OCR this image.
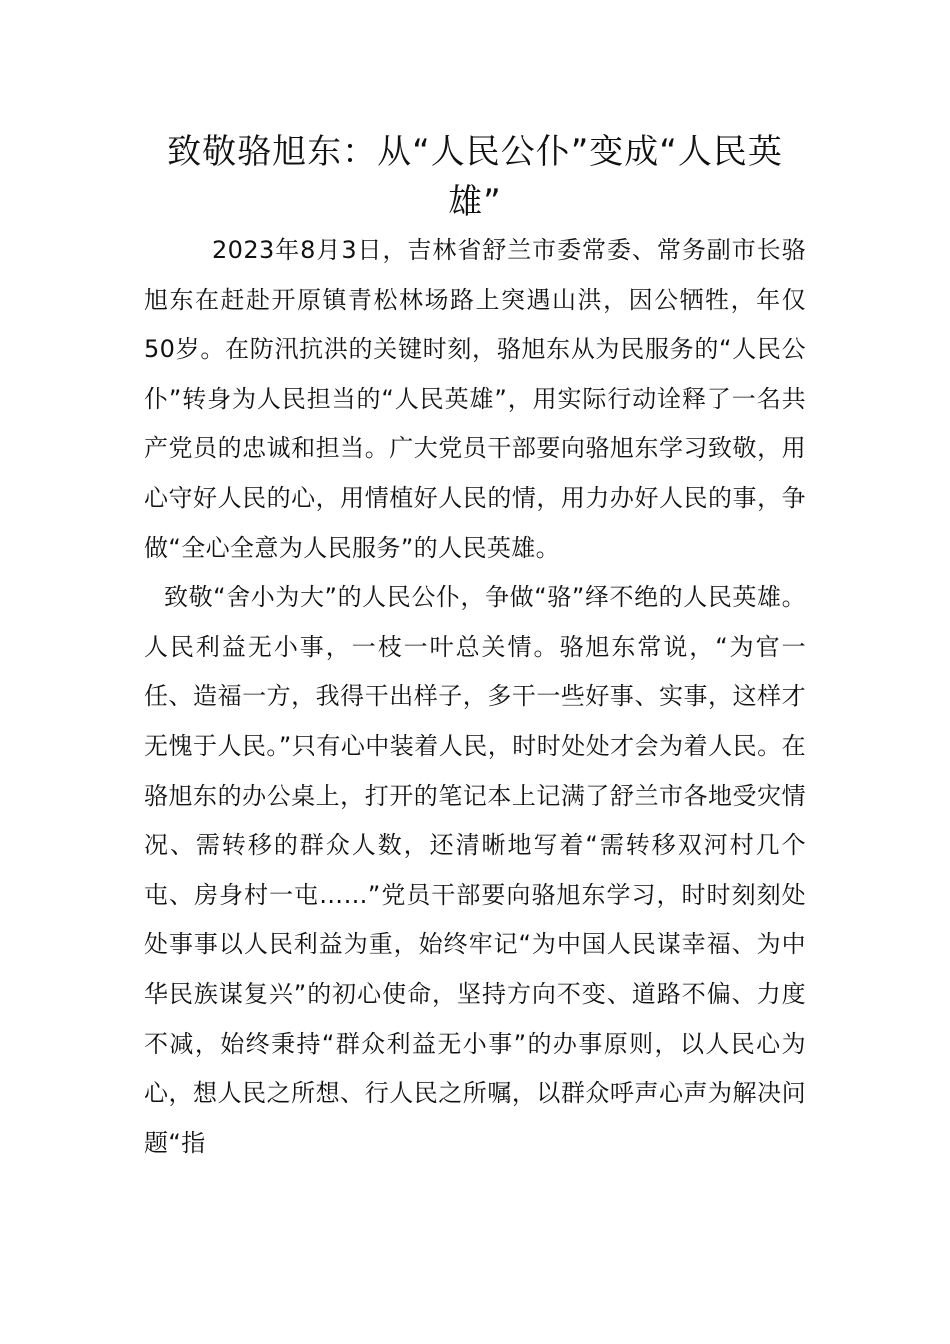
致敬骆旭东：从“人民公仆”变成“人民英雄”

2023年8月3日，吉林省舒兰市委常委、常务副市长骆旭东在赶赴开原镇青松林场路上突遇山洪，因公牺牲，年仅50岁。在防汛抗洪的关键时刻，骆旭东从为民服务的“人民公仆”转身为人民担当的“人民英雄”，用实际行动诠释了一名共产党员的忠诚和担当。广大党员干部要向骆旭东学习致敬，用心守好人民的心，用情植好人民的情，用力办好人民的事，争做“全心全意为人民服务”的人民英雄。

致敬“舍小为大”的人民公仆，争做“骆”绎不绝的人民英雄。人民利益无小事，一枝一叶总关情。骆旭东常说，“为官一任、造福一方，我得干出样子，多干一些好事、实事，这样才无愧于人民。”只有心中装着人民，时时处处才会为着人民。在骆旭东的办公桌上，打开的笔记本上记满了舒兰市各地受灾情况、需转移的群众人数，还清晰地写着“需转移双河村几个屯、房身村一屯……”党员干部要向骆旭东学习，时时刻刻处处事事以人民利益为重，始终牢记“为中国人民谋幸福、为中华民族谋复兴”的初心使命，坚持方向不变、道路不偏、力度不减，始终秉持“群众利益无小事”的办事原则，以人民心为心，想人民之所想、行人民之所嘱，以群众呼声心声为解决问题“指
